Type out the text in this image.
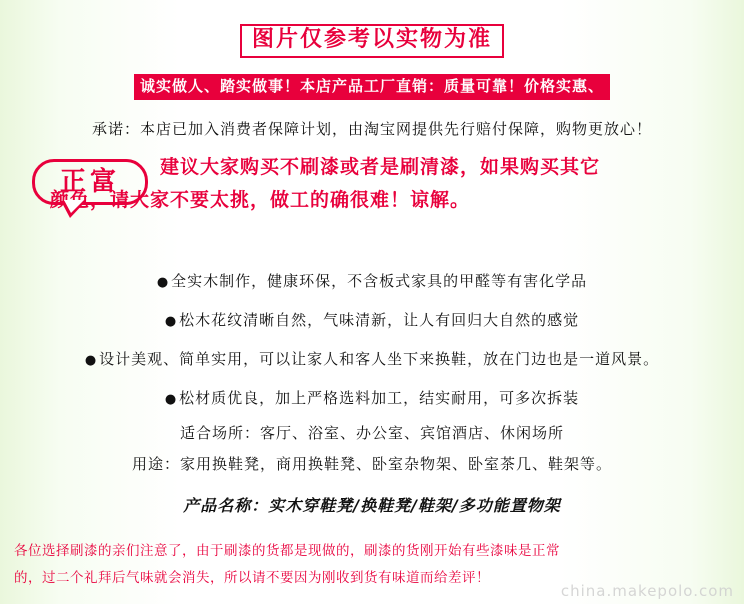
图片仅参考以实物为准
诚实做人、踏实做事！本店产品工厂直销：质量可靠！价格实惠、
承诺：本店已加入消费者保障计划，由淘宝网提供先行赔付保障，购物更放心！
正富	建议大家购买不刷漆或者是刷清漆，如果购买其它
颜色，请大家不要太挑，做工的确很难！谅解。
● 全实木制作，健康环保，不含板式家具的甲醛等有害化学品
● 松木花纹清晰自然，气味清新，让人有回归大自然的感觉
● 设计美观、简单实用，可以让家人和客人坐下来换鞋，放在门边也是一道风景。
● 松材质优良，加上严格选料加工，结实耐用，可多次拆装
适合场所：客厅、浴室、办公室、宾馆酒店、休闲场所
用途：家用换鞋凳，商用换鞋凳、卧室杂物架、卧室茶几、鞋架等。
产品名称：实木穿鞋凳/换鞋凳/鞋架/多功能置物架
各位选择刷漆的亲们注意了，由于刷漆的货都是现做的，刷漆的货刚开始有些漆味是正常
的，过二个礼拜后气味就会消失，所以请不要因为刚收到货有味道而给差评！
china.makepolo.com
